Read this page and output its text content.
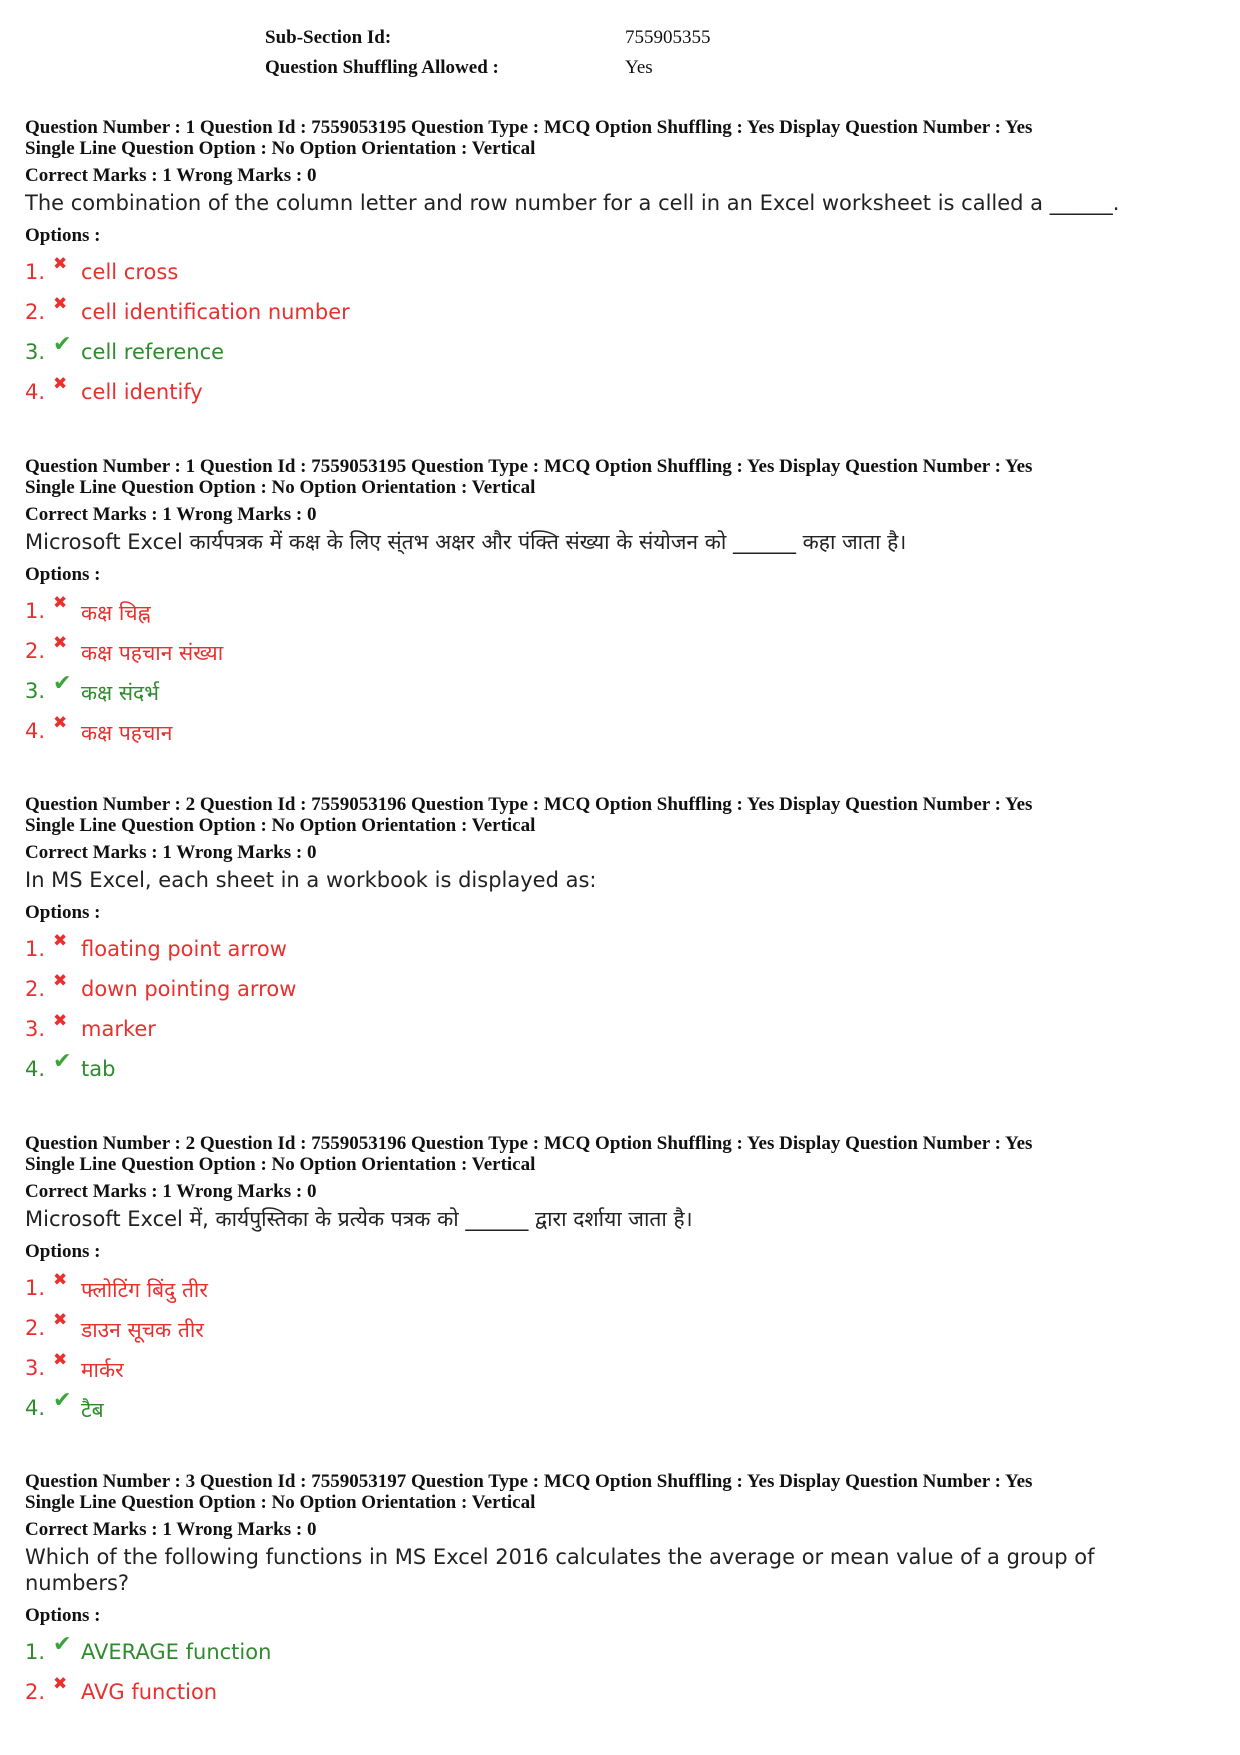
Sub-Section Id:	755905355
Question Shuffling Allowed :	Yes
Question Number : 1 Question Id : 7559053195 Question Type : MCQ Option Shuffling : Yes Display Question Number : Yes
Single Line Question Option : No Option Orientation : Vertical
Correct Marks : 1 Wrong Marks : 0
The combination of the column letter and row number for a cell in an Excel worksheet is called a ______.
Options :
1. ✖ cell cross
2. ✖ cell identification number
3. ✔ cell reference
4. ✖ cell identify
Question Number : 1 Question Id : 7559053195 Question Type : MCQ Option Shuffling : Yes Display Question Number : Yes
Single Line Question Option : No Option Orientation : Vertical
Correct Marks : 1 Wrong Marks : 0
Microsoft Excel कार्यपत्रक में कक्ष के लिए स्ंतभ अक्षर और पंक्ति संख्या के संयोजन को ______ कहा जाता है।
Options :
1. ✖ कक्ष चिह्न
2. ✖ कक्ष पहचान संख्या
3. ✔ कक्ष संदर्भ
4. ✖ कक्ष पहचान
Question Number : 2 Question Id : 7559053196 Question Type : MCQ Option Shuffling : Yes Display Question Number : Yes
Single Line Question Option : No Option Orientation : Vertical
Correct Marks : 1 Wrong Marks : 0
In MS Excel, each sheet in a workbook is displayed as:
Options :
1. ✖ floating point arrow
2. ✖ down pointing arrow
3. ✖ marker
4. ✔ tab
Question Number : 2 Question Id : 7559053196 Question Type : MCQ Option Shuffling : Yes Display Question Number : Yes
Single Line Question Option : No Option Orientation : Vertical
Correct Marks : 1 Wrong Marks : 0
Microsoft Excel में, कार्यपुस्तिका के प्रत्येक पत्रक को ______ द्वारा दर्शाया जाता है।
Options :
1. ✖ फ्लोटिंग बिंदु तीर
2. ✖ डाउन सूचक तीर
3. ✖ मार्कर
4. ✔ टैब
Question Number : 3 Question Id : 7559053197 Question Type : MCQ Option Shuffling : Yes Display Question Number : Yes
Single Line Question Option : No Option Orientation : Vertical
Correct Marks : 1 Wrong Marks : 0
Which of the following functions in MS Excel 2016 calculates the average or mean value of a group of numbers?
Options :
1. ✔ AVERAGE function
2. ✖ AVG function
